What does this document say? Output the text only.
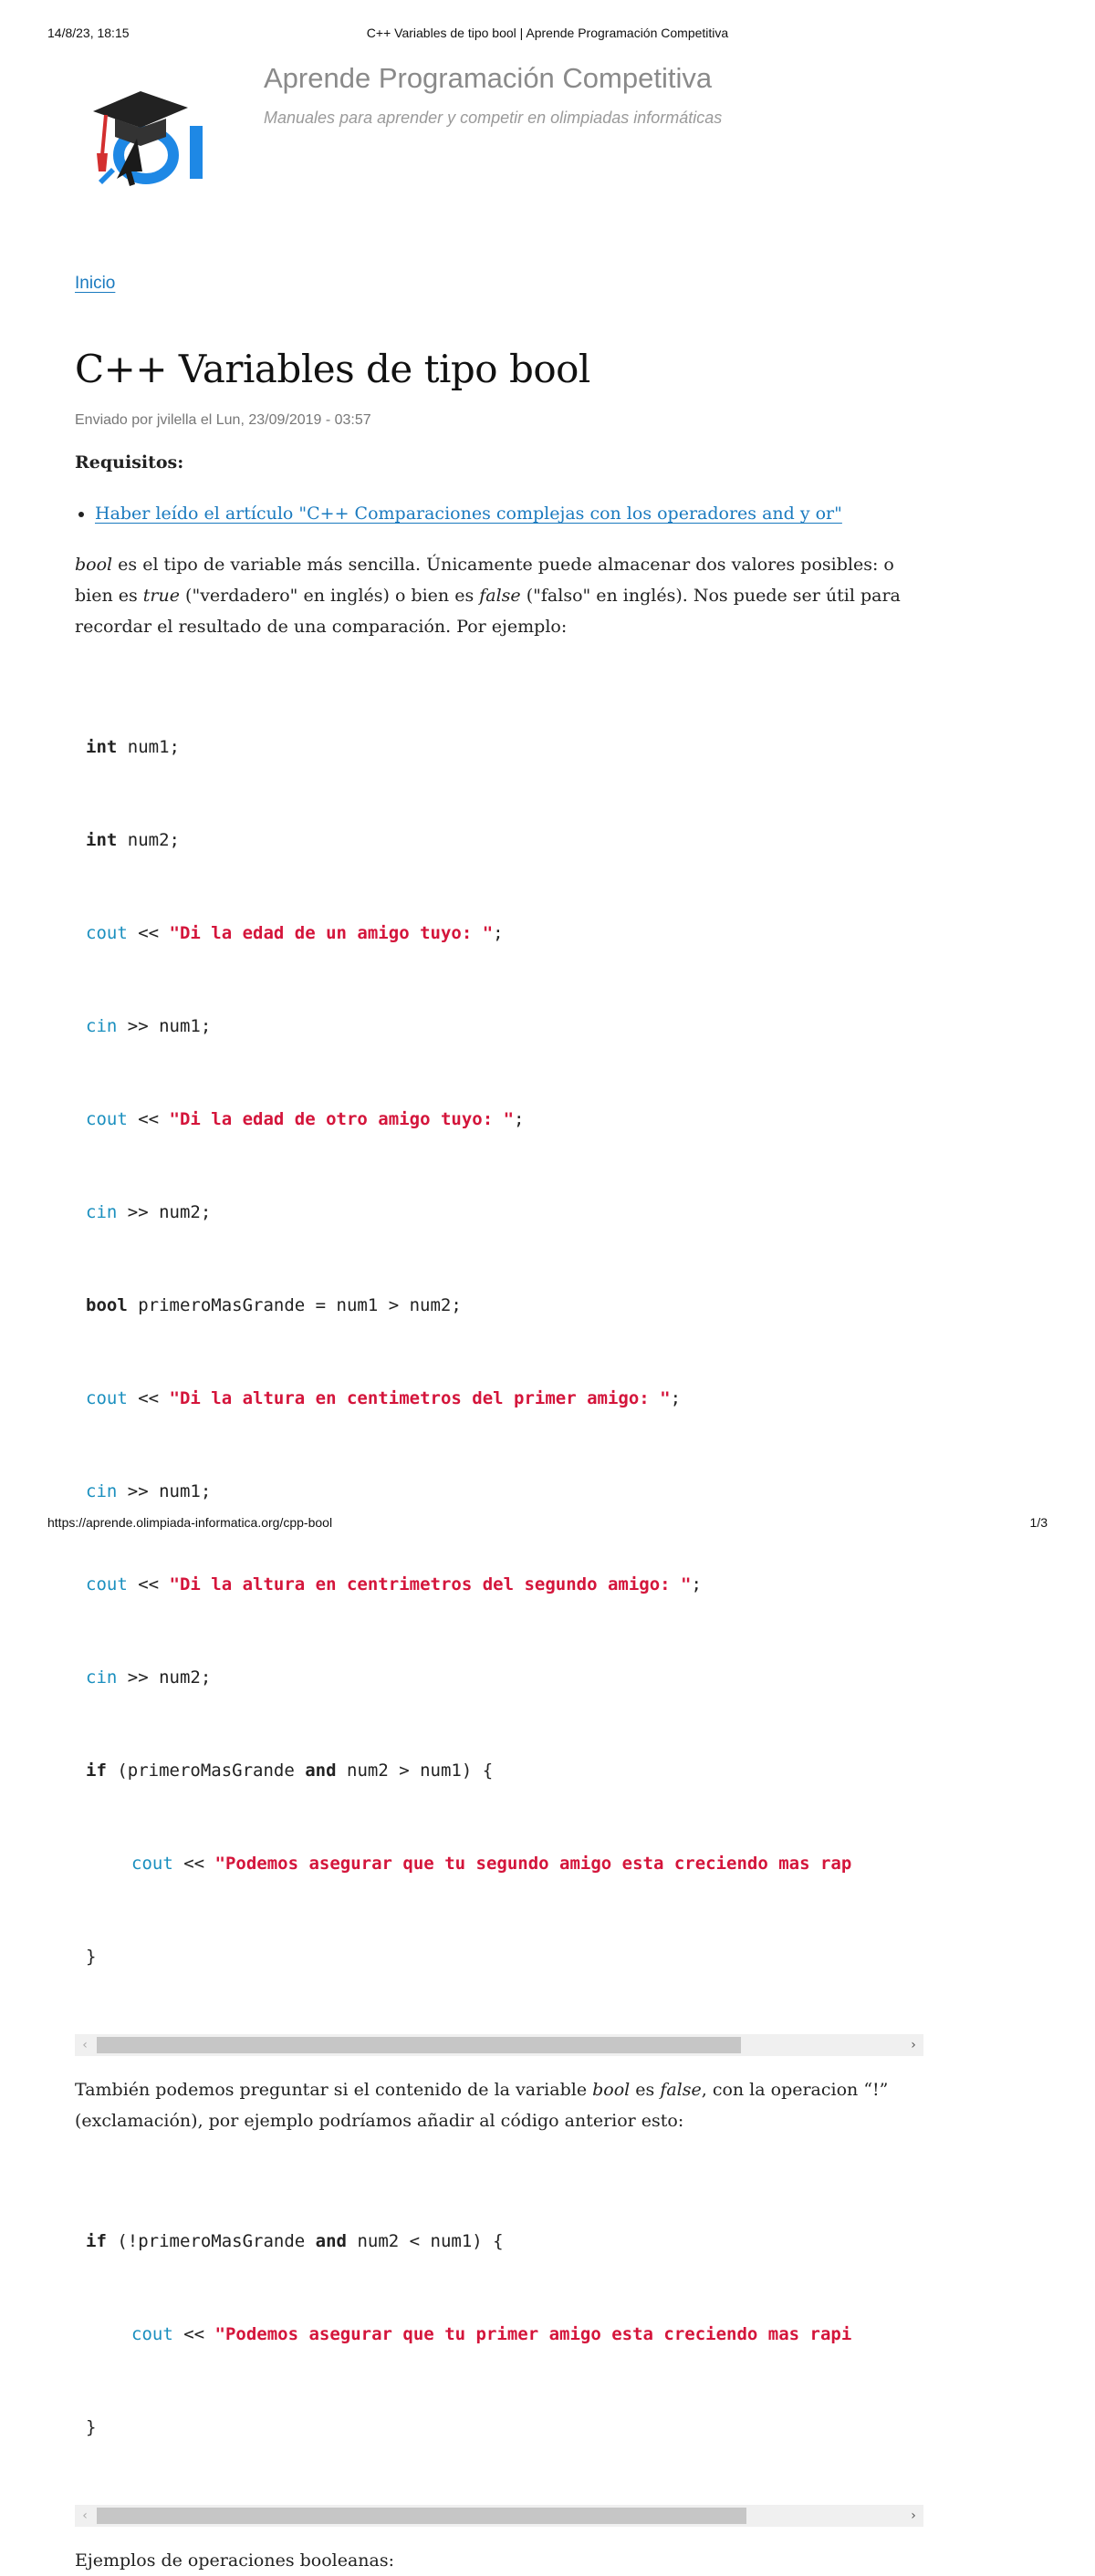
14/8/23, 18:15	C++ Variables de tipo bool | Aprende Programación Competitiva
Aprende Programación Competitiva
Manuales para aprender y competir en olimpiadas informáticas
Inicio
C++ Variables de tipo bool
Enviado por jvilella el Lun, 23/09/2019 - 03:57

Requisitos:

• Haber leído el artículo "C++ Comparaciones complejas con los operadores and y or"

bool es el tipo de variable más sencilla. Únicamente puede almacenar dos valores posibles: o bien es true ("verdadero" en inglés) o bien es false ("falso" en inglés). Nos puede ser útil para recordar el resultado de una comparación. Por ejemplo:

int num1;

int num2;

cout << "Di la edad de un amigo tuyo: ";

cin >> num1;

cout << "Di la edad de otro amigo tuyo: ";

cin >> num2;

bool primeroMasGrande = num1 > num2;

cout << "Di la altura en centimetros del primer amigo: ";

cin >> num1;

cout << "Di la altura en centrimetros del segundo amigo: ";

cin >> num2;

if (primeroMasGrande and num2 > num1) {

cout << "Podemos asegurar que tu segundo amigo esta creciendo mas rap

}

‹	›

También podemos preguntar si el contenido de la variable bool es false, con la operacion “!” (exclamación), por ejemplo podríamos añadir al código anterior esto:

if (!primeroMasGrande and num2 < num1) {

cout << "Podemos asegurar que tu primer amigo esta creciendo mas rapi

}

‹	›

Ejemplos de operaciones booleanas:

https://aprende.olimpiada-informatica.org/cpp-bool	1/3
